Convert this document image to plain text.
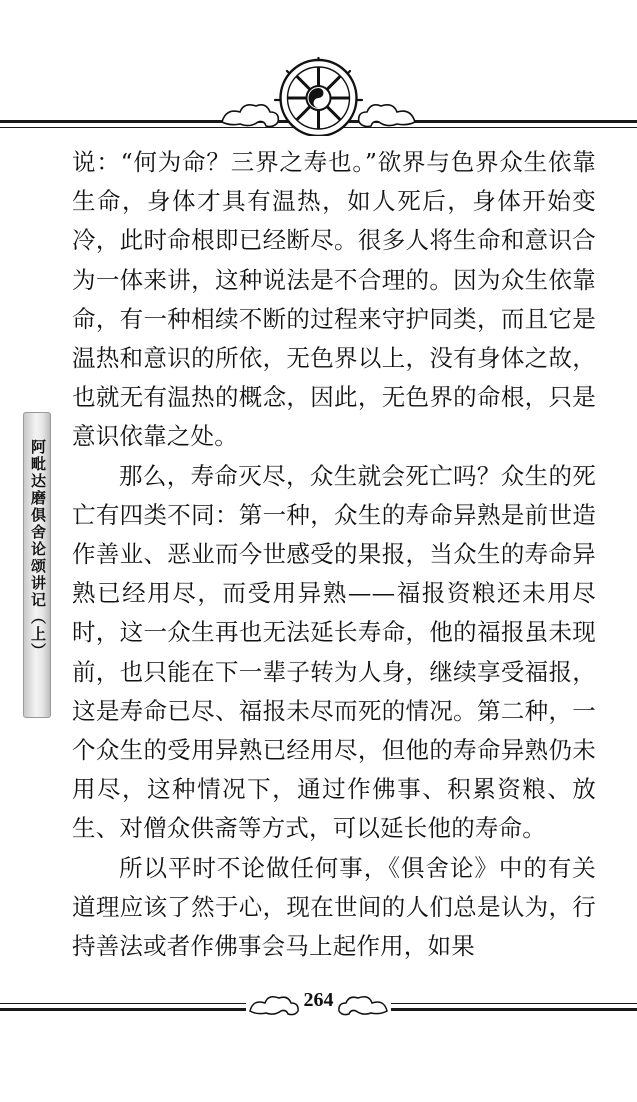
阿毗达磨俱舍论颂讲记（上）

说：“何为命？三界之寿也。”欲界与色界众生依靠生命，身体才具有温热，如人死后，身体开始变冷，此时命根即已经断尽。很多人将生命和意识合为一体来讲，这种说法是不合理的。因为众生依靠命，有一种相续不断的过程来守护同类，而且它是温热和意识的所依，无色界以上，没有身体之故，也就无有温热的概念，因此，无色界的命根，只是意识依靠之处。

那么，寿命灭尽，众生就会死亡吗？众生的死亡有四类不同：第一种，众生的寿命异熟是前世造作善业、恶业而今世感受的果报，当众生的寿命异熟已经用尽，而受用异熟——福报资粮还未用尽时，这一众生再也无法延长寿命，他的福报虽未现前，也只能在下一辈子转为人身，继续享受福报，这是寿命已尽、福报未尽而死的情况。第二种，一个众生的受用异熟已经用尽，但他的寿命异熟仍未用尽，这种情况下，通过作佛事、积累资粮、放生、对僧众供斋等方式，可以延长他的寿命。

所以平时不论做任何事，《俱舍论》中的有关道理应该了然于心，现在世间的人们总是认为，行持善法或者作佛事会马上起作用，如果

264
